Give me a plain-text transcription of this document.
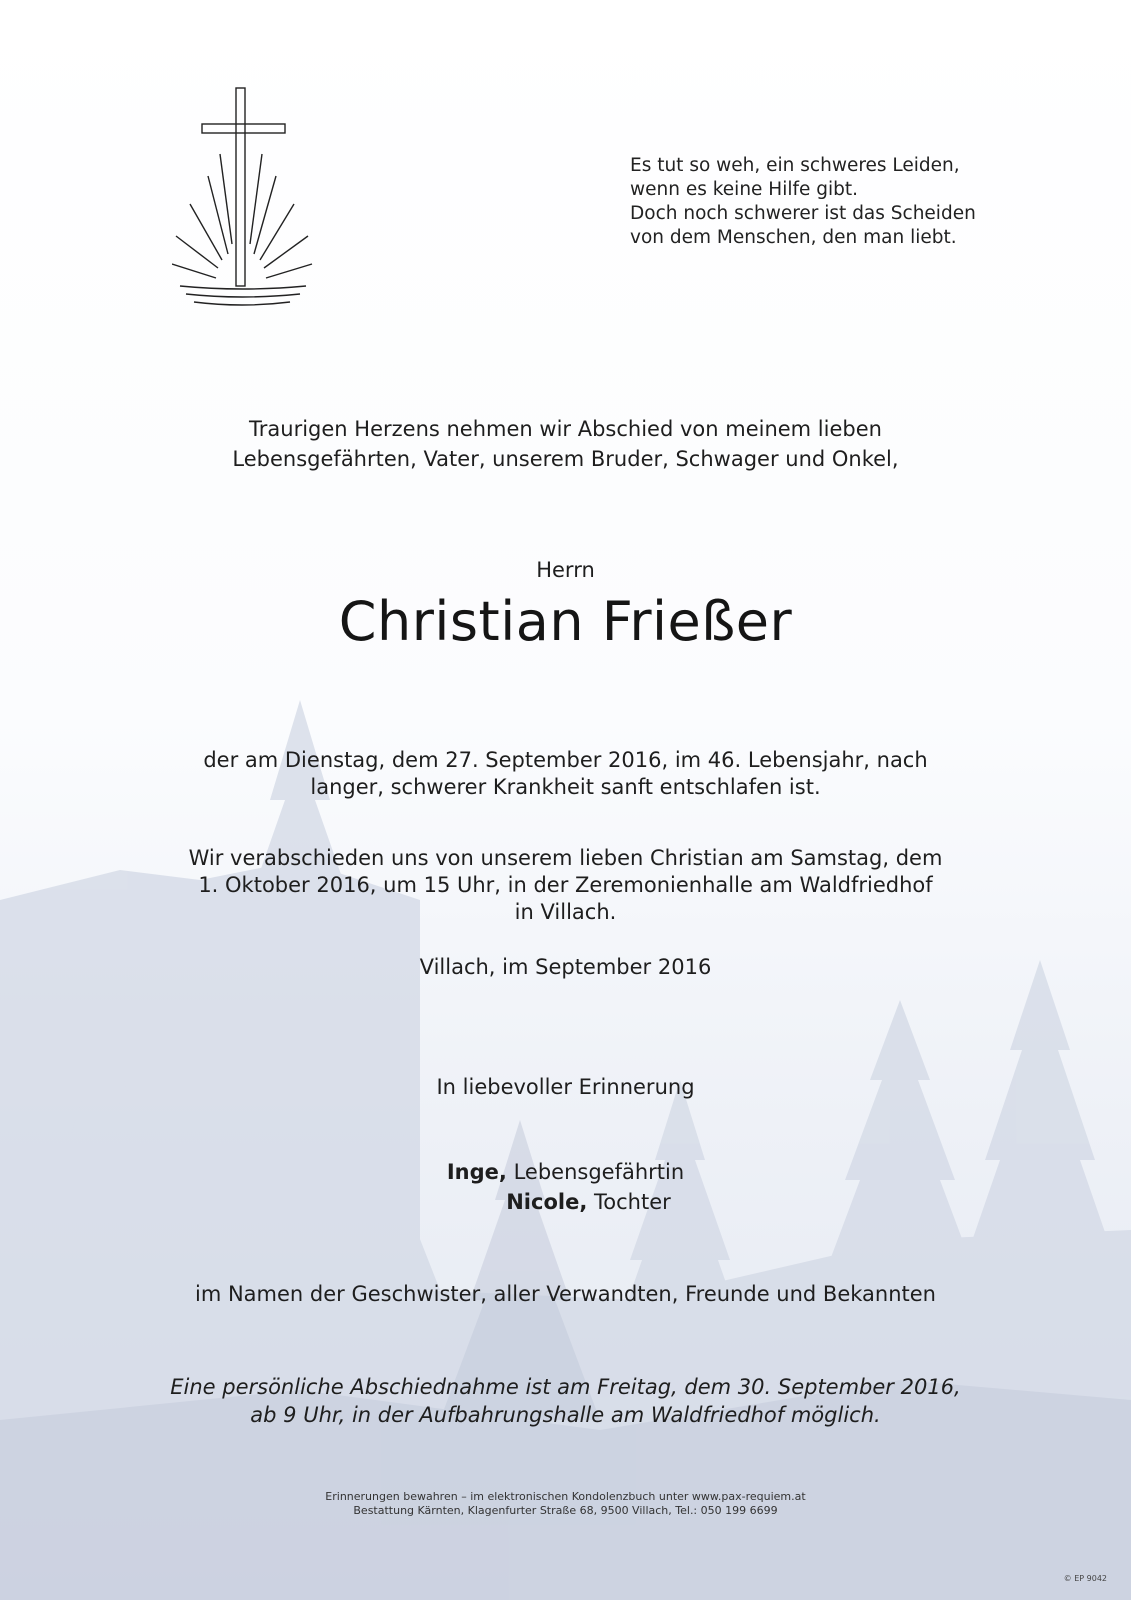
Es tut so weh, ein schweres Leiden,
wenn es keine Hilfe gibt.
Doch noch schwerer ist das Scheiden
von dem Menschen, den man liebt.
Traurigen Herzens nehmen wir Abschied von meinem lieben
Lebensgefährten, Vater, unserem Bruder, Schwager und Onkel,
Herrn
Christian Frießer
der am Dienstag, dem 27. September 2016, im 46. Lebensjahr, nach
langer, schwerer Krankheit sanft entschlafen ist.
Wir verabschieden uns von unserem lieben Christian am Samstag, dem
1. Oktober 2016, um 15 Uhr, in der Zeremonienhalle am Waldfriedhof
in Villach.
Villach, im September 2016
In liebevoller Erinnerung
Inge, Lebensgefährtin
Nicole, Tochter
im Namen der Geschwister, aller Verwandten, Freunde und Bekannten
Eine persönliche Abschiednahme ist am Freitag, dem 30. September 2016,
ab 9 Uhr, in der Aufbahrungshalle am Waldfriedhof möglich.
Erinnerungen bewahren – im elektronischen Kondolenzbuch unter www.pax-requiem.at
Bestattung Kärnten, Klagenfurter Straße 68, 9500 Villach, Tel.: 050 199 6699
© EP 9042
